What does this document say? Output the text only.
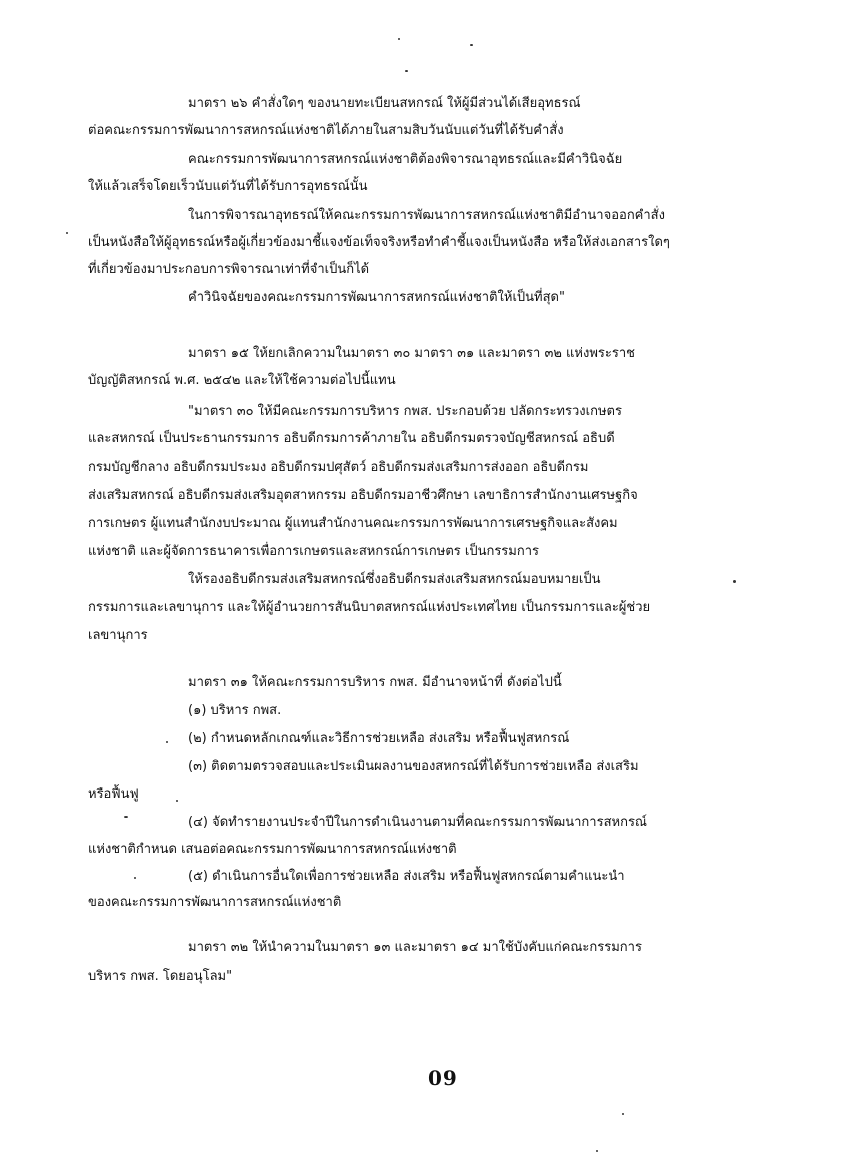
มาตรา ๒๖ คำสั่งใดๆ ของนายทะเบียนสหกรณ์ ให้ผู้มีส่วนได้เสียอุทธรณ์

ต่อคณะกรรมการพัฒนาการสหกรณ์แห่งชาติได้ภายในสามสิบวันนับแต่วันที่ได้รับคำสั่ง

คณะกรรมการพัฒนาการสหกรณ์แห่งชาติต้องพิจารณาอุทธรณ์และมีคำวินิจฉัย

ให้แล้วเสร็จโดยเร็วนับแต่วันที่ได้รับการอุทธรณ์นั้น

ในการพิจารณาอุทธรณ์ให้คณะกรรมการพัฒนาการสหกรณ์แห่งชาติมีอำนาจออกคำสั่ง

เป็นหนังสือให้ผู้อุทธรณ์หรือผู้เกี่ยวข้องมาชี้แจงข้อเท็จจริงหรือทำคำชี้แจงเป็นหนังสือ หรือให้ส่งเอกสารใดๆ

ที่เกี่ยวข้องมาประกอบการพิจารณาเท่าที่จำเป็นก็ได้

คำวินิจฉัยของคณะกรรมการพัฒนาการสหกรณ์แห่งชาติให้เป็นที่สุด"

มาตรา ๑๕ ให้ยกเลิกความในมาตรา ๓๐ มาตรา ๓๑ และมาตรา ๓๒ แห่งพระราช

บัญญัติสหกรณ์ พ.ศ. ๒๕๔๒ และให้ใช้ความต่อไปนี้แทน

"มาตรา ๓๐ ให้มีคณะกรรมการบริหาร กพส. ประกอบด้วย ปลัดกระทรวงเกษตร

และสหกรณ์ เป็นประธานกรรมการ อธิบดีกรมการค้าภายใน อธิบดีกรมตรวจบัญชีสหกรณ์ อธิบดี

กรมบัญชีกลาง อธิบดีกรมประมง อธิบดีกรมปศุสัตว์ อธิบดีกรมส่งเสริมการส่งออก อธิบดีกรม

ส่งเสริมสหกรณ์ อธิบดีกรมส่งเสริมอุตสาหกรรม อธิบดีกรมอาชีวศึกษา เลขาธิการสำนักงานเศรษฐกิจ

การเกษตร ผู้แทนสำนักงบประมาณ ผู้แทนสำนักงานคณะกรรมการพัฒนาการเศรษฐกิจและสังคม

แห่งชาติ และผู้จัดการธนาคารเพื่อการเกษตรและสหกรณ์การเกษตร เป็นกรรมการ

ให้รองอธิบดีกรมส่งเสริมสหกรณ์ซึ่งอธิบดีกรมส่งเสริมสหกรณ์มอบหมายเป็น

กรรมการและเลขานุการ และให้ผู้อำนวยการสันนิบาตสหกรณ์แห่งประเทศไทย เป็นกรรมการและผู้ช่วย

เลขานุการ

มาตรา ๓๑ ให้คณะกรรมการบริหาร กพส. มีอำนาจหน้าที่ ดังต่อไปนี้

(๑) บริหาร กพส.

(๒) กำหนดหลักเกณฑ์และวิธีการช่วยเหลือ ส่งเสริม หรือฟื้นฟูสหกรณ์

(๓) ติดตามตรวจสอบและประเมินผลงานของสหกรณ์ที่ได้รับการช่วยเหลือ ส่งเสริม

หรือฟื้นฟู

(๔) จัดทำรายงานประจำปีในการดำเนินงานตามที่คณะกรรมการพัฒนาการสหกรณ์

แห่งชาติกำหนด เสนอต่อคณะกรรมการพัฒนาการสหกรณ์แห่งชาติ

(๕) ดำเนินการอื่นใดเพื่อการช่วยเหลือ ส่งเสริม หรือฟื้นฟูสหกรณ์ตามคำแนะนำ

ของคณะกรรมการพัฒนาการสหกรณ์แห่งชาติ

มาตรา ๓๒ ให้นำความในมาตรา ๑๓ และมาตรา ๑๔ มาใช้บังคับแก่คณะกรรมการ

บริหาร กพส. โดยอนุโลม"

09
